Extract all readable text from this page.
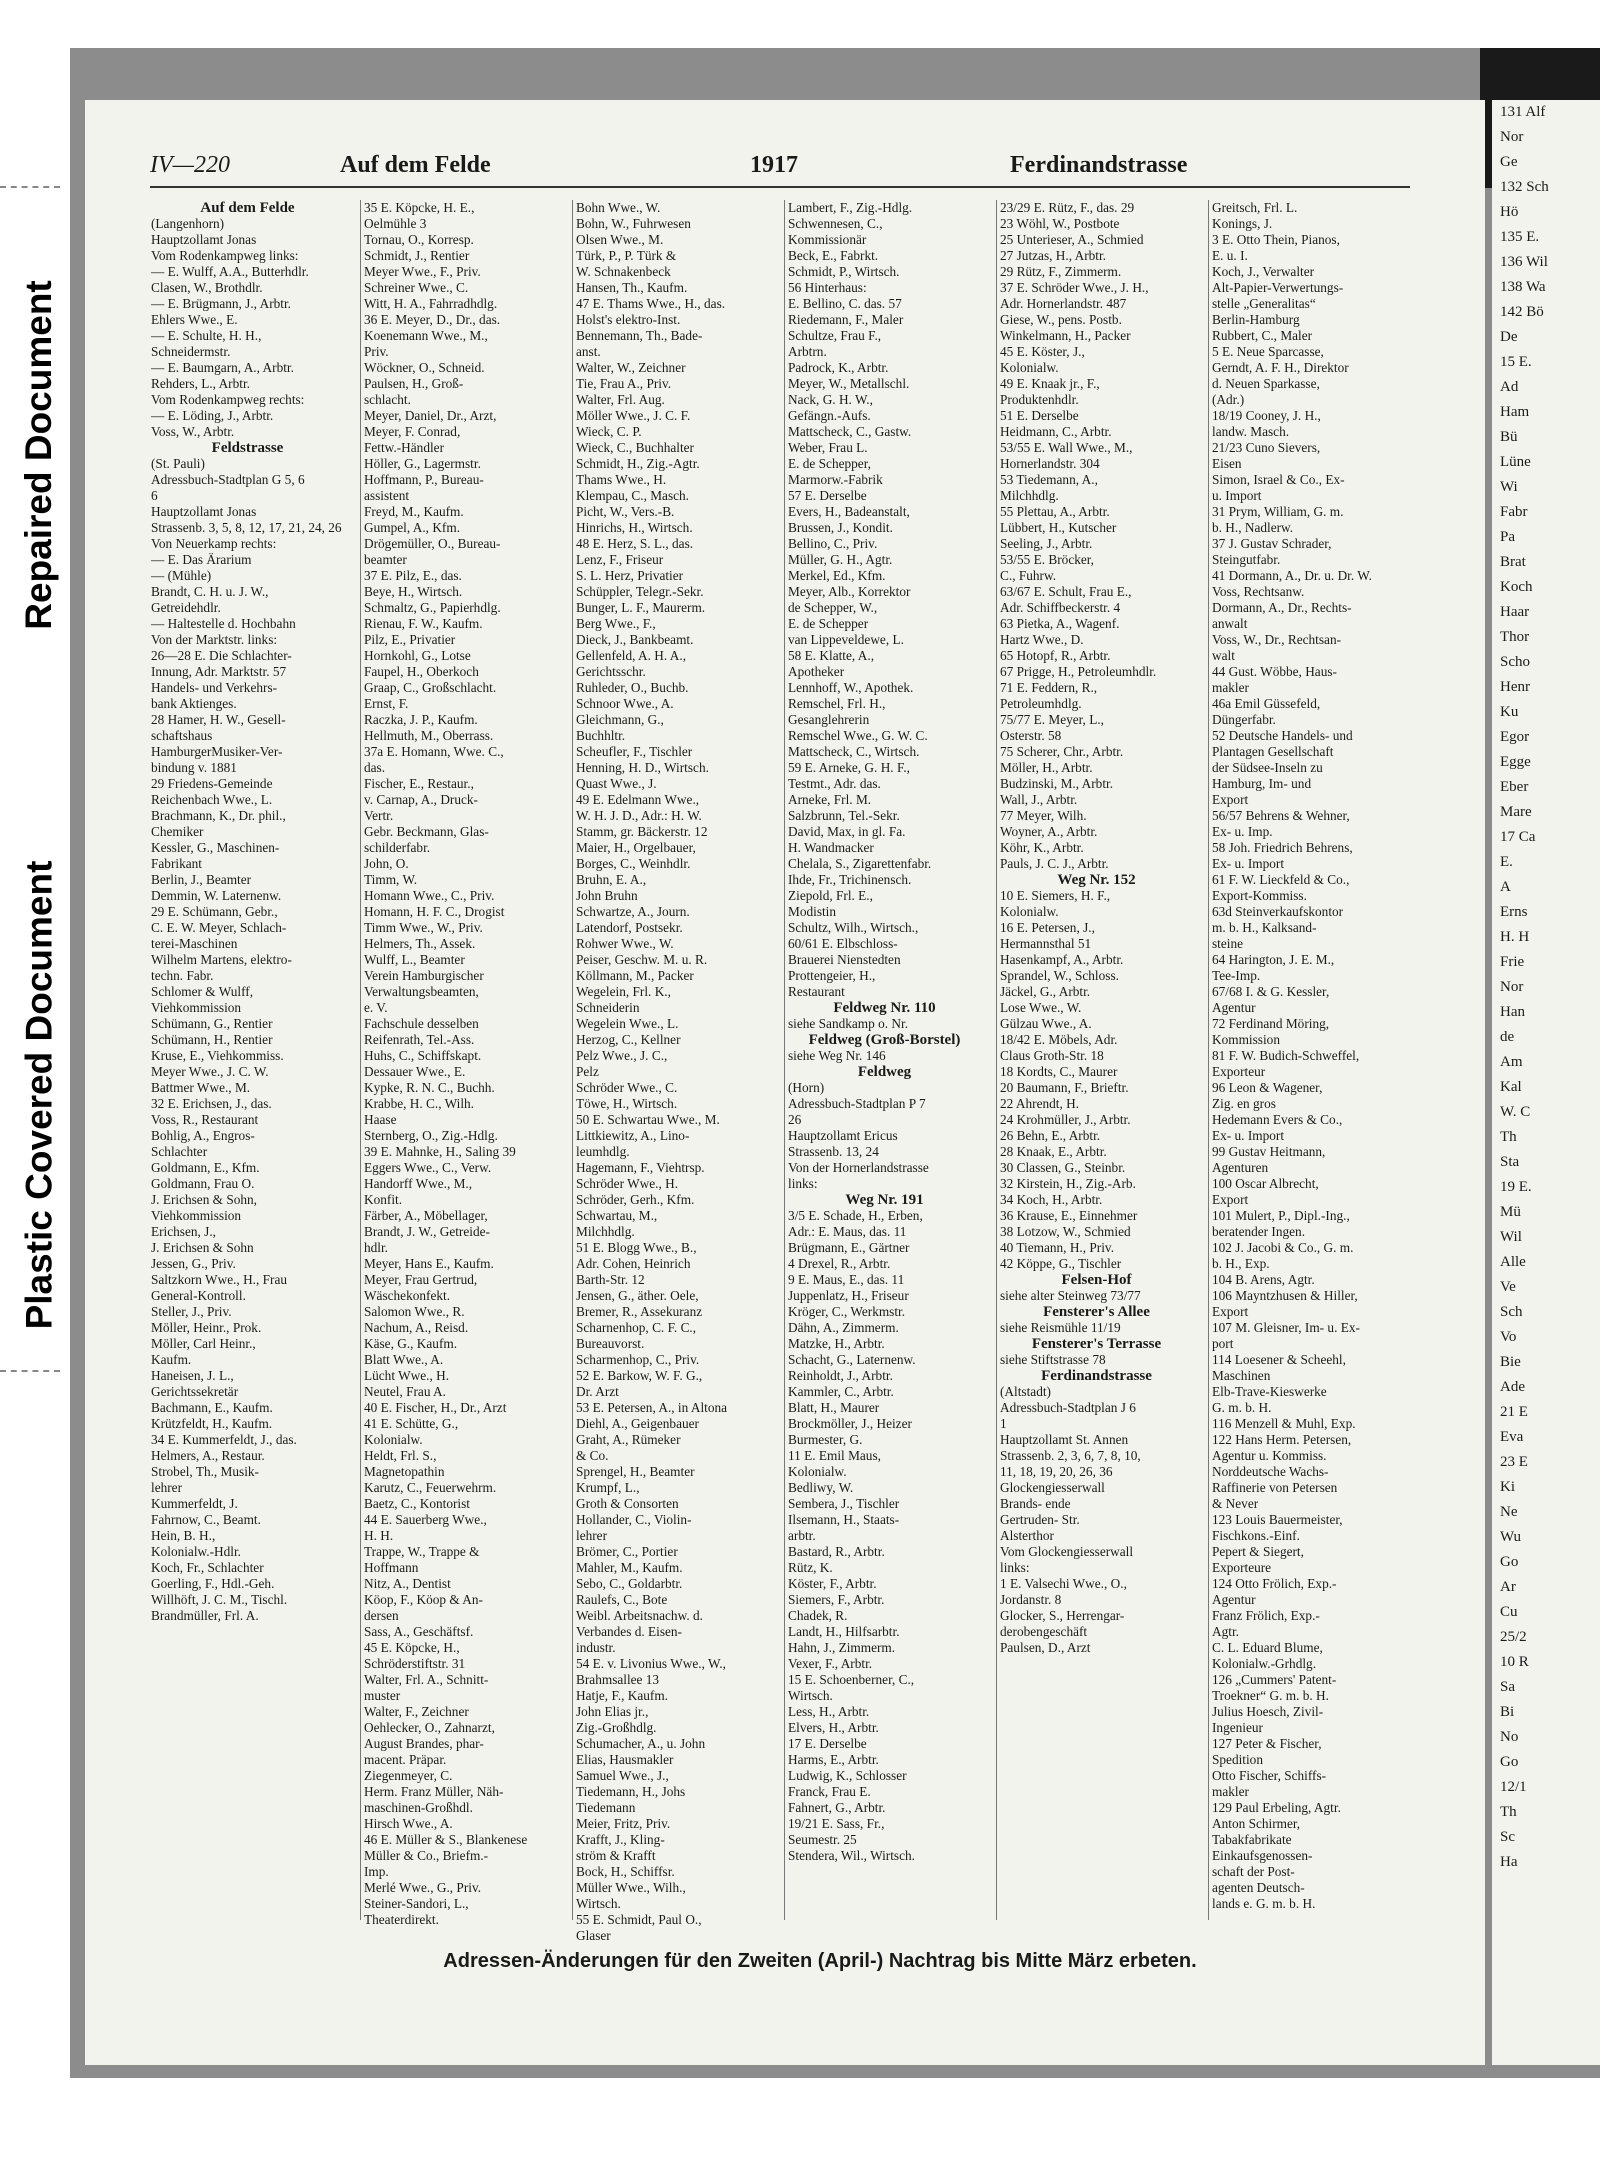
131 Alf
Nor
Ge
132 Sch
Hö
135 E.
136 Wil
138 Wa
142 Bö
De
15 E.
Ad
Ham
Bü
Lüne
Wi
Fabr
Pa
Brat
Koch
Haar
Thor
Scho
Henr
Ku
Egor
Egge
Eber
Mare
17 Ca
E.
A
Erns
H. H
Frie
Nor
Han
de
Am
Kal
W. C
Th
Sta
19 E.
Mü
Wil
Alle
Ve
Sch
Vo
Bie
Ade
21 E
Eva
23 E
Ki
Ne
Wu
Go
Ar
Cu
25/2
10 R
Sa
Bi
No
Go
12/1
Th
Sc
Ha
Repaired Document
Plastic Covered Document
IV—220	Auf dem Felde	1917	Ferdinandstrasse
Auf dem Felde
(Langenhorn)
Hauptzollamt Jonas
Vom Rodenkampweg links:
— E. Wulff, A.A., Butterhdlr.
Clasen, W., Brothdlr.
— E. Brügmann, J., Arbtr.
Ehlers Wwe., E.
— E. Schulte, H. H.,
Schneidermstr.
— E. Baumgarn, A., Arbtr.
Rehders, L., Arbtr.
Vom Rodenkampweg rechts:
— E. Löding, J., Arbtr.
Voss, W., Arbtr.
Feldstrasse
(St. Pauli)
Adressbuch-Stadtplan G 5, 6
6
Hauptzollamt Jonas
Strassenb. 3, 5, 8, 12, 17, 21, 24, 26
Von Neuerkamp rechts:
— E. Das Ärarium
— (Mühle)
Brandt, C. H. u. J. W.,
Getreidehdlr.
— Haltestelle d. Hochbahn
Von der Marktstr. links:
26—28 E. Die Schlachter-
Innung, Adr. Marktstr. 57
Handels- und Verkehrs-
bank Aktienges.
28 Hamer, H. W., Gesell-
schaftshaus
HamburgerMusiker-Ver-
bindung v. 1881
29 Friedens-Gemeinde
Reichenbach Wwe., L.
Brachmann, K., Dr. phil.,
Chemiker
Kessler, G., Maschinen-
Fabrikant
Berlin, J., Beamter
Demmin, W. Laternenw.
29 E. Schümann, Gebr.,
C. E. W. Meyer, Schlach-
terei-Maschinen
Wilhelm Martens, elektro-
techn. Fabr.
Schlomer & Wulff,
Viehkommission
Schümann, G., Rentier
Schümann, H., Rentier
Kruse, E., Viehkommiss.
Meyer Wwe., J. C. W.
Battmer Wwe., M.
32 E. Erichsen, J., das.
Voss, R., Restaurant
Bohlig, A., Engros-
Schlachter
Goldmann, E., Kfm.
Goldmann, Frau O.
J. Erichsen & Sohn,
Viehkommission
Erichsen, J.,
J. Erichsen & Sohn
Jessen, G., Priv.
Saltzkorn Wwe., H., Frau
General-Kontroll.
Steller, J., Priv.
Möller, Heinr., Prok.
Möller, Carl Heinr.,
Kaufm.
Haneisen, J. L.,
Gerichtssekretär
Bachmann, E., Kaufm.
Krützfeldt, H., Kaufm.
34 E. Kummerfeldt, J., das.
Helmers, A., Restaur.
Strobel, Th., Musik-
lehrer
Kummerfeldt, J.
Fahrnow, C., Beamt.
Hein, B. H.,
Kolonialw.-Hdlr.
Koch, Fr., Schlachter
Goerling, F., Hdl.-Geh.
Willhöft, J. C. M., Tischl.
Brandmüller, Frl. A.
35 E. Köpcke, H. E.,
Oelmühle 3
Tornau, O., Korresp.
Schmidt, J., Rentier
Meyer Wwe., F., Priv.
Schreiner Wwe., C.
Witt, H. A., Fahrradhdlg.
36 E. Meyer, D., Dr., das.
Koenemann Wwe., M.,
Priv.
Wöckner, O., Schneid.
Paulsen, H., Groß-
schlacht.
Meyer, Daniel, Dr., Arzt,
Meyer, F. Conrad,
Fettw.-Händler
Höller, G., Lagermstr.
Hoffmann, P., Bureau-
assistent
Freyd, M., Kaufm.
Gumpel, A., Kfm.
Drögemüller, O., Bureau-
beamter
37 E. Pilz, E., das.
Beye, H., Wirtsch.
Schmaltz, G., Papierhdlg.
Rienau, F. W., Kaufm.
Pilz, E., Privatier
Hornkohl, G., Lotse
Faupel, H., Oberkoch
Graap, C., Großschlacht.
Ernst, F.
Raczka, J. P., Kaufm.
Hellmuth, M., Oberrass.
37a E. Homann, Wwe. C.,
das.
Fischer, E., Restaur.,
v. Carnap, A., Druck-
Vertr.
Gebr. Beckmann, Glas-
schilderfabr.
John, O.
Timm, W.
Homann Wwe., C., Priv.
Homann, H. F. C., Drogist
Timm Wwe., W., Priv.
Helmers, Th., Assek.
Wulff, L., Beamter
Verein Hamburgischer
Verwaltungsbeamten,
e. V.
Fachschule desselben
Reifenrath, Tel.-Ass.
Huhs, C., Schiffskapt.
Dessauer Wwe., E.
Kypke, R. N. C., Buchh.
Krabbe, H. C., Wilh.
Haase
Sternberg, O., Zig.-Hdlg.
39 E. Mahnke, H., Saling 39
Eggers Wwe., C., Verw.
Handorff Wwe., M.,
Konfit.
Färber, A., Möbellager,
Brandt, J. W., Getreide-
hdlr.
Meyer, Hans E., Kaufm.
Meyer, Frau Gertrud,
Wäschekonfekt.
Salomon Wwe., R.
Nachum, A., Reisd.
Käse, G., Kaufm.
Blatt Wwe., A.
Lücht Wwe., H.
Neutel, Frau A.
40 E. Fischer, H., Dr., Arzt
41 E. Schütte, G.,
Kolonialw.
Heldt, Frl. S.,
Magnetopathin
Karutz, C., Feuerwehrm.
Baetz, C., Kontorist
44 E. Sauerberg Wwe.,
H. H.
Trappe, W., Trappe &
Hoffmann
Nitz, A., Dentist
Köop, F., Köop & An-
dersen
Sass, A., Geschäftsf.
45 E. Köpcke, H.,
Schröderstiftstr. 31
Walter, Frl. A., Schnitt-
muster
Walter, F., Zeichner
Oehlecker, O., Zahnarzt,
August Brandes, phar-
macent. Präpar.
Ziegenmeyer, C.
Herm. Franz Müller, Näh-
maschinen-Großhdl.
Hirsch Wwe., A.
46 E. Müller & S., Blankenese
Müller & Co., Briefm.-
Imp.
Merlé Wwe., G., Priv.
Steiner-Sandori, L.,
Theaterdirekt.
Bohn Wwe., W.
Bohn, W., Fuhrwesen
Olsen Wwe., M.
Türk, P., P. Türk &
W. Schnakenbeck
Hansen, Th., Kaufm.
47 E. Thams Wwe., H., das.
Holst's elektro-Inst.
Bennemann, Th., Bade-
anst.
Walter, W., Zeichner
Tie, Frau A., Priv.
Walter, Frl. Aug.
Möller Wwe., J. C. F.
Wieck, C. P.
Wieck, C., Buchhalter
Schmidt, H., Zig.-Agtr.
Thams Wwe., H.
Klempau, C., Masch.
Picht, W., Vers.-B.
Hinrichs, H., Wirtsch.
48 E. Herz, S. L., das.
Lenz, F., Friseur
S. L. Herz, Privatier
Schüppler, Telegr.-Sekr.
Bunger, L. F., Maurerm.
Berg Wwe., F.,
Dieck, J., Bankbeamt.
Gellenfeld, A. H. A.,
Gerichtsschr.
Ruhleder, O., Buchb.
Schnoor Wwe., A.
Gleichmann, G.,
Buchhltr.
Scheufler, F., Tischler
Henning, H. D., Wirtsch.
Quast Wwe., J.
49 E. Edelmann Wwe.,
W. H. J. D., Adr.: H. W.
Stamm, gr. Bäckerstr. 12
Maier, H., Orgelbauer,
Borges, C., Weinhdlr.
Bruhn, E. A.,
John Bruhn
Schwartze, A., Journ.
Latendorf, Postsekr.
Rohwer Wwe., W.
Peiser, Geschw. M. u. R.
Köllmann, M., Packer
Wegelein, Frl. K.,
Schneiderin
Wegelein Wwe., L.
Herzog, C., Kellner
Pelz Wwe., J. C.,
Pelz
Schröder Wwe., C.
Töwe, H., Wirtsch.
50 E. Schwartau Wwe., M.
Littkiewitz, A., Lino-
leumhdlg.
Hagemann, F., Viehtrsp.
Schröder Wwe., H.
Schröder, Gerh., Kfm.
Schwartau, M.,
Milchhdlg.
51 E. Blogg Wwe., B.,
Adr. Cohen, Heinrich
Barth-Str. 12
Jensen, G., äther. Oele,
Bremer, R., Assekuranz
Scharnenhop, C. F. C.,
Bureauvorst.
Scharmenhop, C., Priv.
52 E. Barkow, W. F. G.,
Dr. Arzt
53 E. Petersen, A., in Altona
Diehl, A., Geigenbauer
Graht, A., Rümeker
& Co.
Sprengel, H., Beamter
Krumpf, L.,
Groth & Consorten
Hollander, C., Violin-
lehrer
Brömer, C., Portier
Mahler, M., Kaufm.
Sebo, C., Goldarbtr.
Raulefs, C., Bote
Weibl. Arbeitsnachw. d.
Verbandes d. Eisen-
industr.
54 E. v. Livonius Wwe., W.,
Brahmsallee 13
Hatje, F., Kaufm.
John Elias jr.,
Zig.-Großhdlg.
Schumacher, A., u. John
Elias, Hausmakler
Samuel Wwe., J.,
Tiedemann, H., Johs
Tiedemann
Meier, Fritz, Priv.
Krafft, J., Kling-
ström & Krafft
Bock, H., Schiffsr.
Müller Wwe., Wilh.,
Wirtsch.
55 E. Schmidt, Paul O.,
Glaser
Lambert, F., Zig.-Hdlg.
Schwennesen, C.,
Kommissionär
Beck, E., Fabrkt.
Schmidt, P., Wirtsch.
56 Hinterhaus:
E. Bellino, C. das. 57
Riedemann, F., Maler
Schultze, Frau F.,
Arbtrn.
Padrock, K., Arbtr.
Meyer, W., Metallschl.
Nack, G. H. W.,
Gefängn.-Aufs.
Mattscheck, C., Gastw.
Weber, Frau L.
E. de Schepper,
Marmorw.-Fabrik
57 E. Derselbe
Evers, H., Badeanstalt,
Brussen, J., Kondit.
Bellino, C., Priv.
Müller, G. H., Agtr.
Merkel, Ed., Kfm.
Meyer, Alb., Korrektor
de Schepper, W.,
E. de Schepper
van Lippeveldewe, L.
58 E. Klatte, A.,
Apotheker
Lennhoff, W., Apothek.
Remschel, Frl. H.,
Gesanglehrerin
Remschel Wwe., G. W. C.
Mattscheck, C., Wirtsch.
59 E. Arneke, G. H. F.,
Testmt., Adr. das.
Arneke, Frl. M.
Salzbrunn, Tel.-Sekr.
David, Max, in gl. Fa.
H. Wandmacker
Chelala, S., Zigarettenfabr.
Ihde, Fr., Trichinensch.
Ziepold, Frl. E.,
Modistin
Schultz, Wilh., Wirtsch.,
60/61 E. Elbschloss-
Brauerei Nienstedten
Prottengeier, H.,
Restaurant
Feldweg Nr. 110
siehe Sandkamp o. Nr.
Feldweg (Groß-Borstel)
siehe Weg Nr. 146
Feldweg
(Horn)
Adressbuch-Stadtplan P 7
26
Hauptzollamt Ericus
Strassenb. 13, 24
Von der Hornerlandstrasse
links:
Weg Nr. 191
3/5 E. Schade, H., Erben,
Adr.: E. Maus, das. 11
Brügmann, E., Gärtner
4 Drexel, R., Arbtr.
9 E. Maus, E., das. 11
Juppenlatz, H., Friseur
Kröger, C., Werkmstr.
Dähn, A., Zimmerm.
Matzke, H., Arbtr.
Schacht, G., Laternenw.
Reinholdt, J., Arbtr.
Kammler, C., Arbtr.
Blatt, H., Maurer
Brockmöller, J., Heizer
Burmester, G.
11 E. Emil Maus,
Kolonialw.
Bedliwy, W.
Sembera, J., Tischler
Ilsemann, H., Staats-
arbtr.
Bastard, R., Arbtr.
Rütz, K.
Köster, F., Arbtr.
Siemers, F., Arbtr.
Chadek, R.
Landt, H., Hilfsarbtr.
Hahn, J., Zimmerm.
Vexer, F., Arbtr.
15 E. Schoenberner, C.,
Wirtsch.
Less, H., Arbtr.
Elvers, H., Arbtr.
17 E. Derselbe
Harms, E., Arbtr.
Ludwig, K., Schlosser
Franck, Frau E.
Fahnert, G., Arbtr.
19/21 E. Sass, Fr.,
Seumestr. 25
Stendera, Wil., Wirtsch.
23/29 E. Rütz, F., das. 29
23 Wöhl, W., Postbote
25 Unterieser, A., Schmied
27 Jutzas, H., Arbtr.
29 Rütz, F., Zimmerm.
37 E. Schröder Wwe., J. H.,
Adr. Hornerlandstr. 487
Giese, W., pens. Postb.
Winkelmann, H., Packer
45 E. Köster, J.,
Kolonialw.
49 E. Knaak jr., F.,
Produktenhdlr.
51 E. Derselbe
Heidmann, C., Arbtr.
53/55 E. Wall Wwe., M.,
Hornerlandstr. 304
53 Tiedemann, A.,
Milchhdlg.
55 Plettau, A., Arbtr.
Lübbert, H., Kutscher
Seeling, J., Arbtr.
53/55 E. Bröcker,
C., Fuhrw.
63/67 E. Schult, Frau E.,
Adr. Schiffbeckerstr. 4
63 Pietka, A., Wagenf.
Hartz Wwe., D.
65 Hotopf, R., Arbtr.
67 Prigge, H., Petroleumhdlr.
71 E. Feddern, R.,
Petroleumhdlg.
75/77 E. Meyer, L.,
Osterstr. 58
75 Scherer, Chr., Arbtr.
Möller, H., Arbtr.
Budzinski, M., Arbtr.
Wall, J., Arbtr.
77 Meyer, Wilh.
Woyner, A., Arbtr.
Köhr, K., Arbtr.
Pauls, J. C. J., Arbtr.
Weg Nr. 152
10 E. Siemers, H. F.,
Kolonialw.
16 E. Petersen, J.,
Hermannsthal 51
Hasenkampf, A., Arbtr.
Sprandel, W., Schloss.
Jäckel, G., Arbtr.
Lose Wwe., W.
Gülzau Wwe., A.
18/42 E. Möbels, Adr.
Claus Groth-Str. 18
18 Kordts, C., Maurer
20 Baumann, F., Brieftr.
22 Ahrendt, H.
24 Krohmüller, J., Arbtr.
26 Behn, E., Arbtr.
28 Knaak, E., Arbtr.
30 Classen, G., Steinbr.
32 Kirstein, H., Zig.-Arb.
34 Koch, H., Arbtr.
36 Krause, E., Einnehmer
38 Lotzow, W., Schmied
40 Tiemann, H., Priv.
42 Köppe, G., Tischler
Felsen-Hof
siehe alter Steinweg 73/77
Fensterer's Allee
siehe Reismühle 11/19
Fensterer's Terrasse
siehe Stiftstrasse 78
Ferdinandstrasse
(Altstadt)
Adressbuch-Stadtplan J 6
1
Hauptzollamt St. Annen
Strassenb. 2, 3, 6, 7, 8, 10,
11, 18, 19, 20, 26, 36
Glockengiesserwall
Brands- ende
Gertruden- Str.
Alsterthor
Vom Glockengiesserwall
links:
1 E. Valsechi Wwe., O.,
Jordanstr. 8
Glocker, S., Herrengar-
derobengeschäft
Paulsen, D., Arzt
Greitsch, Frl. L.
Konings, J.
3 E. Otto Thein, Pianos,
E. u. I.
Koch, J., Verwalter
Alt-Papier-Verwertungs-
stelle „Generalitas“
Berlin-Hamburg
Rubbert, C., Maler
5 E. Neue Sparcasse,
Gerndt, A. F. H., Direktor
d. Neuen Sparkasse,
(Adr.)
18/19 Cooney, J. H.,
landw. Masch.
21/23 Cuno Sievers,
Eisen
Simon, Israel & Co., Ex-
u. Import
31 Prym, William, G. m.
b. H., Nadlerw.
37 J. Gustav Schrader,
Steingutfabr.
41 Dormann, A., Dr. u. Dr. W.
Voss, Rechtsanw.
Dormann, A., Dr., Rechts-
anwalt
Voss, W., Dr., Rechtsan-
walt
44 Gust. Wöbbe, Haus-
makler
46a Emil Güssefeld,
Düngerfabr.
52 Deutsche Handels- und
Plantagen Gesellschaft
der Südsee-Inseln zu
Hamburg, Im- und
Export
56/57 Behrens & Wehner,
Ex- u. Imp.
58 Joh. Friedrich Behrens,
Ex- u. Import
61 F. W. Lieckfeld & Co.,
Export-Kommiss.
63d Steinverkaufskontor
m. b. H., Kalksand-
steine
64 Harington, J. E. M.,
Tee-Imp.
67/68 I. & G. Kessler,
Agentur
72 Ferdinand Möring,
Kommission
81 F. W. Budich-Schweffel,
Exporteur
96 Leon & Wagener,
Zig. en gros
Hedemann Evers & Co.,
Ex- u. Import
99 Gustav Heitmann,
Agenturen
100 Oscar Albrecht,
Export
101 Mulert, P., Dipl.-Ing.,
beratender Ingen.
102 J. Jacobi & Co., G. m.
b. H., Exp.
104 B. Arens, Agtr.
106 Mayntzhusen & Hiller,
Export
107 M. Gleisner, Im- u. Ex-
port
114 Loesener & Scheehl,
Maschinen
Elb-Trave-Kieswerke
G. m. b. H.
116 Menzell & Muhl, Exp.
122 Hans Herm. Petersen,
Agentur u. Kommiss.
Norddeutsche Wachs-
Raffinerie von Petersen
& Never
123 Louis Bauermeister,
Fischkons.-Einf.
Pepert & Siegert,
Exporteure
124 Otto Frölich, Exp.-
Agentur
Franz Frölich, Exp.-
Agtr.
C. L. Eduard Blume,
Kolonialw.-Grhdlg.
126 „Cummers' Patent-
Troekner“ G. m. b. H.
Julius Hoesch, Zivil-
Ingenieur
127 Peter & Fischer,
Spedition
Otto Fischer, Schiffs-
makler
129 Paul Erbeling, Agtr.
Anton Schirmer,
Tabakfabrikate
Einkaufsgenossen-
schaft der Post-
agenten Deutsch-
lands e. G. m. b. H.
Adressen-Änderungen für den Zweiten (April-) Nachtrag bis Mitte März erbeten.
